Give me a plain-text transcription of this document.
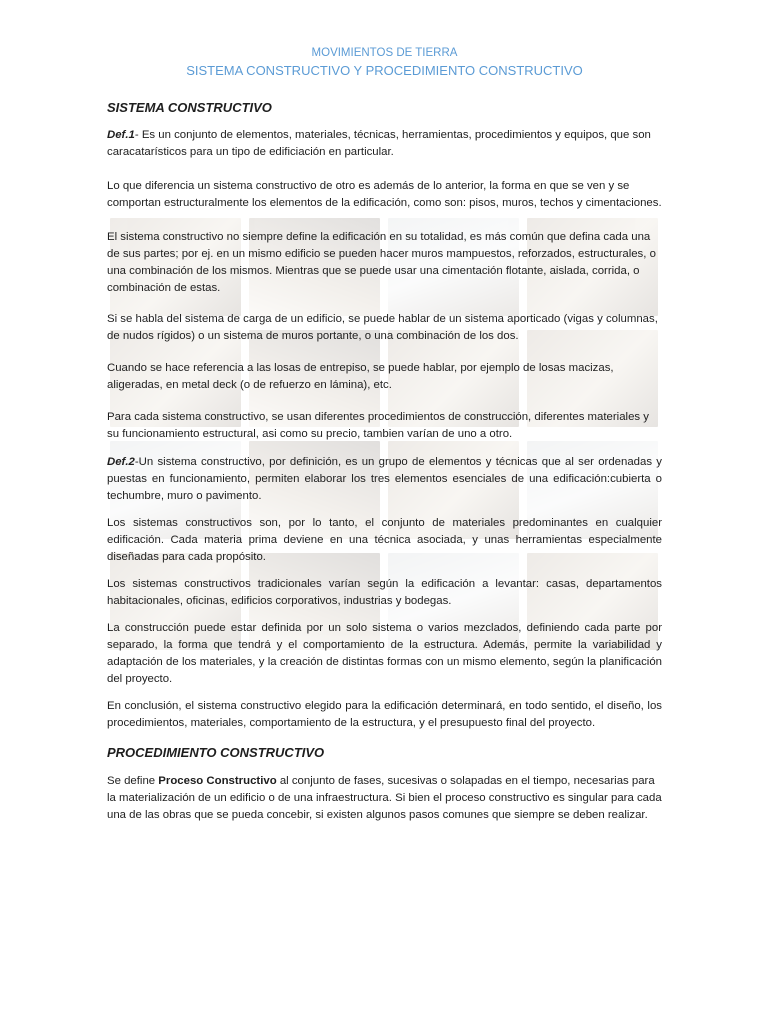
MOVIMIENTOS DE TIERRA
SISTEMA CONSTRUCTIVO Y PROCEDIMIENTO CONSTRUCTIVO
SISTEMA CONSTRUCTIVO

Def.1- Es un conjunto de elementos, materiales, técnicas, herramientas, procedimientos y equipos, que son caracatarísticos para un tipo de edificiación en particular.

Lo que diferencia un sistema constructivo de otro es además de lo anterior, la forma en que se ven y se comportan estructuralmente los elementos de la edificación, como son: pisos, muros, techos y cimentaciones.

El sistema constructivo no siempre define la edificación en su totalidad, es más común que defina cada una de sus partes; por ej. en un mismo edificio se pueden hacer muros mampuestos, reforzados, estructurales, o una combinación de los mismos. Mientras que se puede usar una cimentación flotante, aislada, corrida, o combinación de estas.

Si se habla del sistema de carga de un edificio, se puede hablar de un sistema aporticado (vigas y columnas, de nudos rígidos) o un sistema de muros portante, o una combinación de los dos.

Cuando se hace referencia a las losas de entrepiso, se puede hablar, por ejemplo de losas macizas, aligeradas, en metal deck (o de refuerzo en lámina), etc.

Para cada sistema constructivo, se usan diferentes procedimientos de construcción, diferentes materiales y su funcionamiento estructural, asi como su precio, tambien varían de uno a otro.

Def.2-Un sistema constructivo, por definición, es un grupo de elementos y técnicas que al ser ordenadas y puestas en funcionamiento, permiten elaborar los tres elementos esenciales de una edificación:cubierta o techumbre, muro o pavimento.

Los sistemas constructivos son, por lo tanto, el conjunto de materiales predominantes en cualquier edificación. Cada materia prima deviene en una técnica asociada, y unas herramientas especialmente diseñadas para cada propósito.

Los sistemas constructivos tradicionales varían según la edificación a levantar: casas, departamentos habitacionales, oficinas, edificios corporativos, industrias y bodegas.

La construcción puede estar definida por un solo sistema o varios mezclados, definiendo cada parte por separado, la forma que tendrá y el comportamiento de la estructura. Además, permite la variabilidad y adaptación de los materiales, y la creación de distintas formas con un mismo elemento, según la planificación del proyecto.

En conclusión, el sistema constructivo elegido para la edificación determinará, en todo sentido, el diseño, los procedimientos, materiales, comportamiento de la estructura, y el presupuesto final del proyecto.

PROCEDIMIENTO CONSTRUCTIVO

Se define Proceso Constructivo al conjunto de fases, sucesivas o solapadas en el tiempo, necesarias para la materialización de un edificio o de una infraestructura. Si bien el proceso constructivo es singular para cada una de las obras que se pueda concebir, si existen algunos pasos comunes que siempre se deben realizar.
